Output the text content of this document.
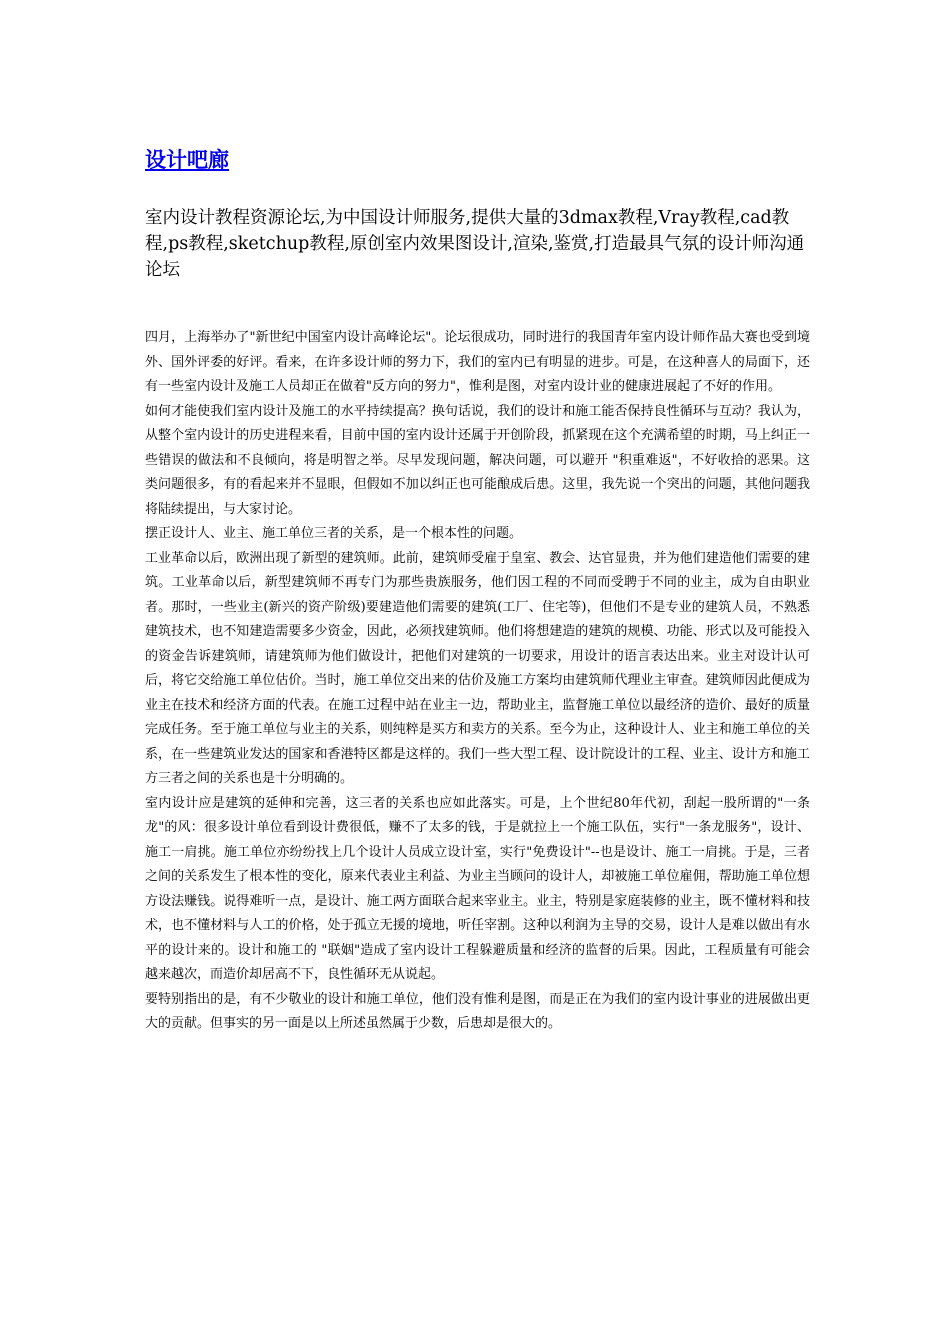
设计吧廊

室内设计教程资源论坛,为中国设计师服务,提供大量的3dmax教程,Vray教程,cad教程,ps教程,sketchup教程,原创室内效果图设计,渲染,鉴赏,打造最具气氛的设计师沟通论坛

四月，上海举办了"新世纪中国室内设计高峰论坛"。论坛很成功，同时进行的我国青年室内设计师作品大赛也受到境外、国外评委的好评。看来，在许多设计师的努力下，我们的室内已有明显的进步。可是，在这种喜人的局面下，还有一些室内设计及施工人员却正在做着"反方向的努力"，惟利是图，对室内设计业的健康进展起了不好的作用。

如何才能使我们室内设计及施工的水平持续提高？换句话说，我们的设计和施工能否保持良性循环与互动？我认为，从整个室内设计的历史进程来看，目前中国的室内设计还属于开创阶段，抓紧现在这个充满希望的时期，马上纠正一些错误的做法和不良倾向，将是明智之举。尽早发现问题，解决问题，可以避开 "积重难返"，不好收拾的恶果。这类问题很多，有的看起来并不显眼，但假如不加以纠正也可能酿成后患。这里，我先说一个突出的问题，其他问题我将陆续提出，与大家讨论。

摆正设计人、业主、施工单位三者的关系，是一个根本性的问题。

工业革命以后，欧洲出现了新型的建筑师。此前，建筑师受雇于皇室、教会、达官显贵，并为他们建造他们需要的建筑。工业革命以后，新型建筑师不再专门为那些贵族服务，他们因工程的不同而受聘于不同的业主，成为自由职业者。那时，一些业主(新兴的资产阶级)要建造他们需要的建筑(工厂、住宅等)，但他们不是专业的建筑人员，不熟悉建筑技术，也不知建造需要多少资金，因此，必须找建筑师。他们将想建造的建筑的规模、功能、形式以及可能投入的资金告诉建筑师，请建筑师为他们做设计，把他们对建筑的一切要求，用设计的语言表达出来。业主对设计认可后，将它交给施工单位估价。当时，施工单位交出来的估价及施工方案均由建筑师代理业主审查。建筑师因此便成为业主在技术和经济方面的代表。在施工过程中站在业主一边，帮助业主，监督施工单位以最经济的造价、最好的质量完成任务。至于施工单位与业主的关系，则纯粹是买方和卖方的关系。至今为止，这种设计人、业主和施工单位的关系，在一些建筑业发达的国家和香港特区都是这样的。我们一些大型工程、设计院设计的工程、业主、设计方和施工方三者之间的关系也是十分明确的。

室内设计应是建筑的延伸和完善，这三者的关系也应如此落实。可是，上个世纪80年代初，刮起一股所谓的"一条龙"的风：很多设计单位看到设计费很低，赚不了太多的钱，于是就拉上一个施工队伍，实行"一条龙服务"，设计、施工一肩挑。施工单位亦纷纷找上几个设计人员成立设计室，实行"免费设计"--也是设计、施工一肩挑。于是，三者之间的关系发生了根本性的变化，原来代表业主利益、为业主当顾问的设计人，却被施工单位雇佣，帮助施工单位想方设法赚钱。说得难听一点，是设计、施工两方面联合起来宰业主。业主，特别是家庭装修的业主，既不懂材料和技术，也不懂材料与人工的价格，处于孤立无援的境地，听任宰割。这种以利润为主导的交易，设计人是难以做出有水平的设计来的。设计和施工的 "联姻"造成了室内设计工程躲避质量和经济的监督的后果。因此，工程质量有可能会越来越次，而造价却居高不下，良性循环无从说起。

要特别指出的是，有不少敬业的设计和施工单位，他们没有惟利是图，而是正在为我们的室内设计事业的进展做出更大的贡献。但事实的另一面是以上所述虽然属于少数，后患却是很大的。
